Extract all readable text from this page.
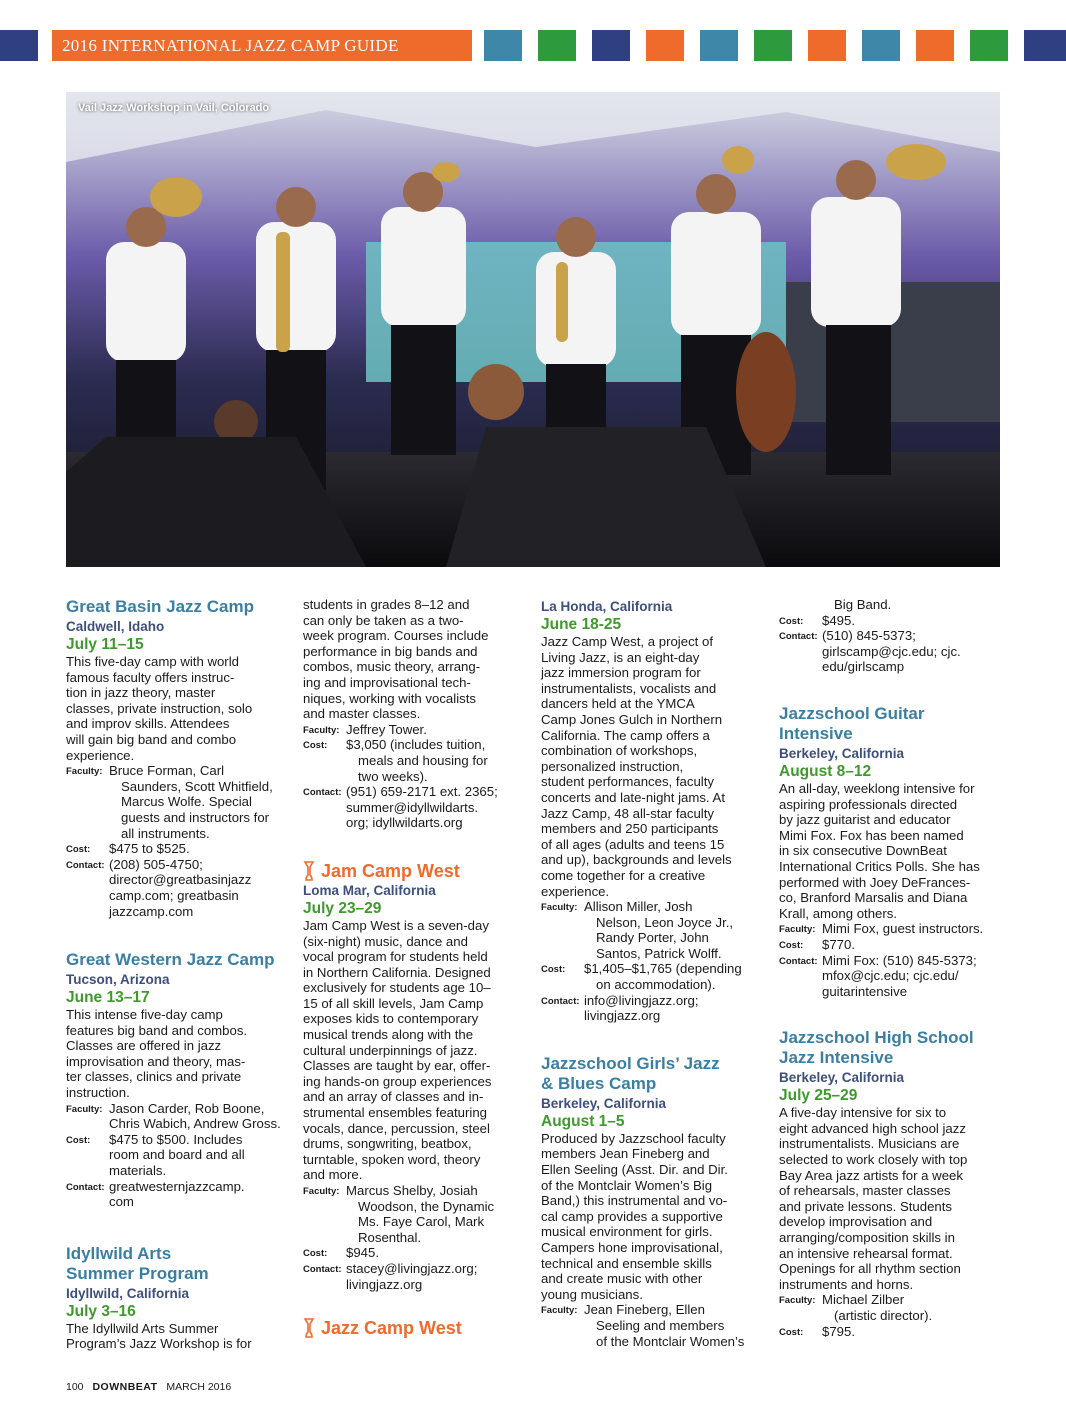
2016 INTERNATIONAL JAZZ CAMP GUIDE
Vail Jazz Workshop in Vail, Colorado

Great Basin Jazz Camp

Caldwell, Idaho

July 11–15

This five-day camp with world

famous faculty offers instruc-

tion in jazz theory, master

classes, private instruction, solo

and improv skills. Attendees

will gain big band and combo

experience.

Faculty: Bruce Forman, Carl

Saunders, Scott Whitfield,

Marcus Wolfe. Special

guests and instructors for

all instruments.

Cost: $475 to $525.

Contact: (208) 505-4750;

director@greatbasinjazz

camp.com; greatbasin

jazzcamp.com

Great Western Jazz Camp

Tucson, Arizona

June 13–17

This intense five-day camp

features big band and combos.

Classes are offered in jazz

improvisation and theory, mas-

ter classes, clinics and private

instruction.

Faculty: Jason Carder, Rob Boone,

Chris Wabich, Andrew Gross.

Cost: $475 to $500. Includes

room and board and all

materials.

Contact: greatwesternjazzcamp.

com

Idyllwild Arts

Summer Program

Idyllwild, California

July 3–16

The Idyllwild Arts Summer

Program’s Jazz Workshop is for

students in grades 8–12 and

can only be taken as a two-

week program. Courses include

performance in big bands and

combos, music theory, arrang-

ing and improvisational tech-

niques, working with vocalists

and master classes.

Faculty: Jeffrey Tower.

Cost: $3,050 (includes tuition,

meals and housing for

two weeks).

Contact: (951) 659-2171 ext. 2365;

summer@idyllwildarts.

org; idyllwildarts.org

Jam Camp West

Loma Mar, California

July 23–29

Jam Camp West is a seven-day

(six-night) music, dance and

vocal program for students held

in Northern California. Designed

exclusively for students age 10–

15 of all skill levels, Jam Camp

exposes kids to contemporary

musical trends along with the

cultural underpinnings of jazz.

Classes are taught by ear, offer-

ing hands-on group experiences

and an array of classes and in-

strumental ensembles featuring

vocals, dance, percussion, steel

drums, songwriting, beatbox,

turntable, spoken word, theory

and more.

Faculty: Marcus Shelby, Josiah

Woodson, the Dynamic

Ms. Faye Carol, Mark

Rosenthal.

Cost: $945.

Contact: stacey@livingjazz.org;

livingjazz.org

Jazz Camp West

La Honda, California

June 18-25

Jazz Camp West, a project of

Living Jazz, is an eight-day

jazz immersion program for

instrumentalists, vocalists and

dancers held at the YMCA

Camp Jones Gulch in Northern

California. The camp offers a

combination of workshops,

personalized instruction,

student performances, faculty

concerts and late-night jams. At

Jazz Camp, 48 all-star faculty

members and 250 participants

of all ages (adults and teens 15

and up), backgrounds and levels

come together for a creative

experience.

Faculty: Allison Miller, Josh

Nelson, Leon Joyce Jr.,

Randy Porter, John

Santos, Patrick Wolff.

Cost: $1,405–$1,765 (depending

on accommodation).

Contact: info@livingjazz.org;

livingjazz.org

Jazzschool Girls’ Jazz

& Blues Camp

Berkeley, California

August 1–5

Produced by Jazzschool faculty

members Jean Fineberg and

Ellen Seeling (Asst. Dir. and Dir.

of the Montclair Women’s Big

Band,) this instrumental and vo-

cal camp provides a supportive

musical environment for girls.

Campers hone improvisational,

technical and ensemble skills

and create music with other

young musicians.

Faculty: Jean Fineberg, Ellen

Seeling and members

of the Montclair Women’s

Big Band.

Cost: $495.

Contact: (510) 845-5373;

girlscamp@cjc.edu; cjc.

edu/girlscamp

Jazzschool Guitar

Intensive

Berkeley, California

August 8–12

An all-day, weeklong intensive for

aspiring professionals directed

by jazz guitarist and educator

Mimi Fox. Fox has been named

in six consecutive DownBeat

International Critics Polls. She has

performed with Joey DeFrances-

co, Branford Marsalis and Diana

Krall, among others.

Faculty: Mimi Fox, guest instructors.

Cost: $770.

Contact: Mimi Fox: (510) 845-5373;

mfox@cjc.edu; cjc.edu/

guitarintensive

Jazzschool High School

Jazz Intensive

Berkeley, California

July 25–29

A five-day intensive for six to

eight advanced high school jazz

instrumentalists. Musicians are

selected to work closely with top

Bay Area jazz artists for a week

of rehearsals, master classes

and private lessons. Students

develop improvisation and

arranging/composition skills in

an intensive rehearsal format.

Openings for all rhythm section

instruments and horns.

Faculty: Michael Zilber

(artistic director).

Cost: $795.

100 DOWNBEAT MARCH 2016
